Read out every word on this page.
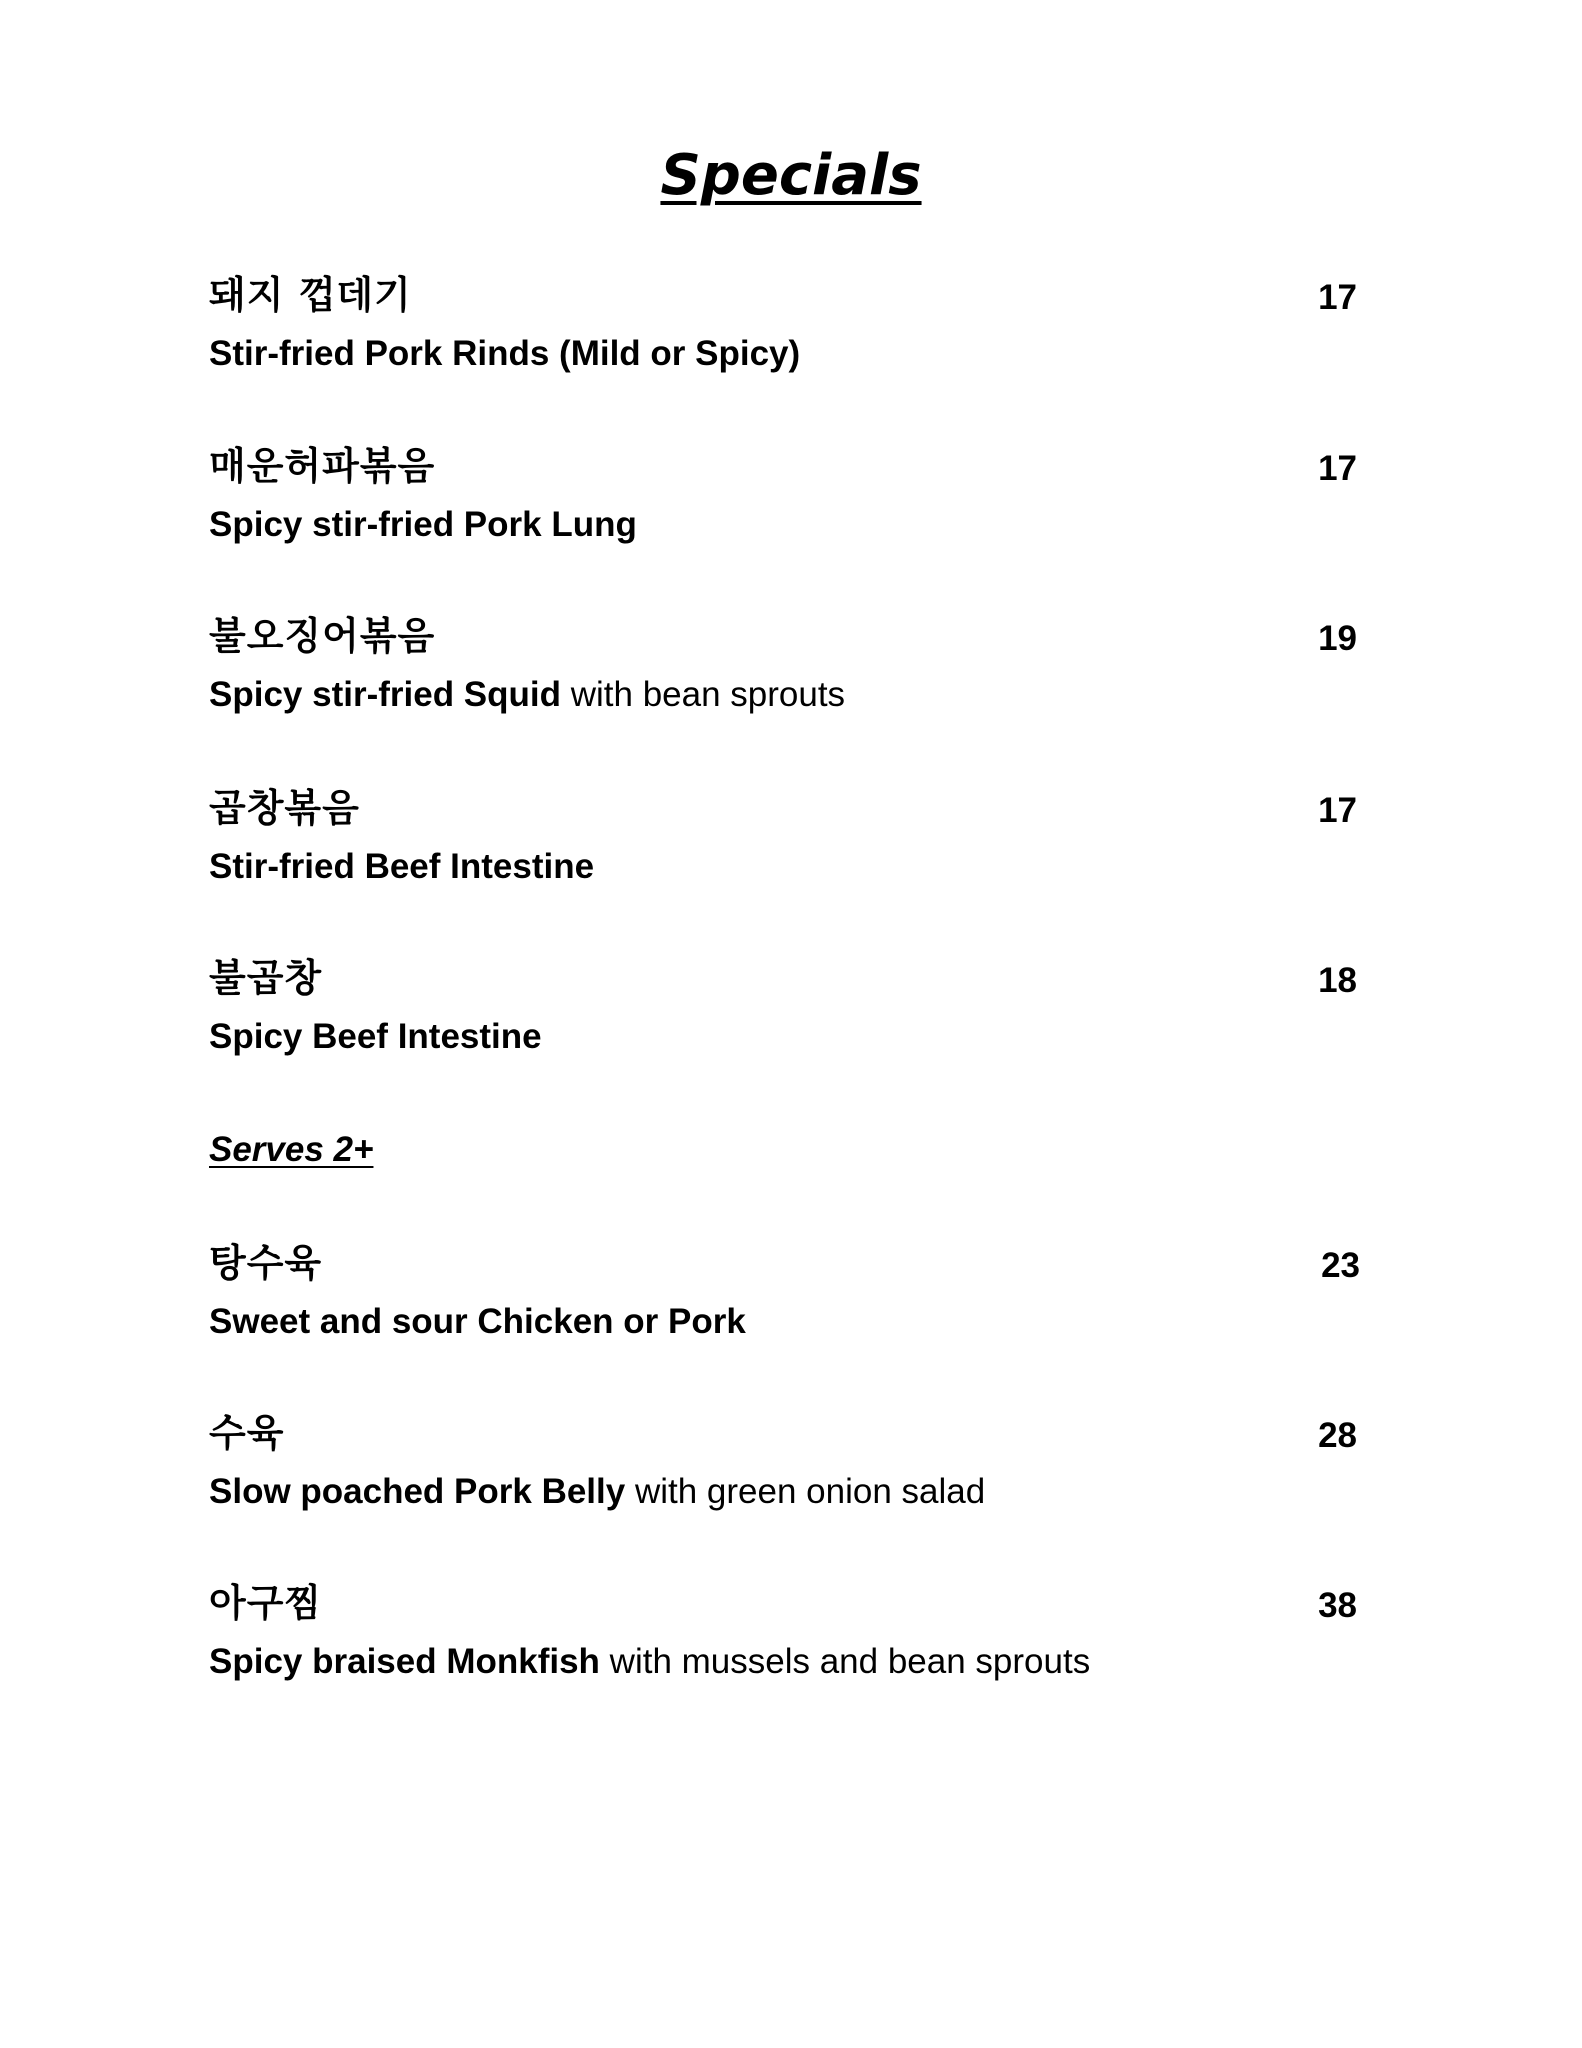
Specials
돼지 껍데기	17
Stir-fried Pork Rinds (Mild or Spicy)
매운허파볶음	17
Spicy stir-fried Pork Lung
불오징어볶음	19
Spicy stir-fried Squid with bean sprouts
곱창볶음	17
Stir-fried Beef Intestine
불곱창	18
Spicy Beef Intestine
Serves 2+
탕수육	23
Sweet and sour Chicken or Pork
수육	28
Slow poached Pork Belly with green onion salad
아구찜	38
Spicy braised Monkfish with mussels and bean sprouts
